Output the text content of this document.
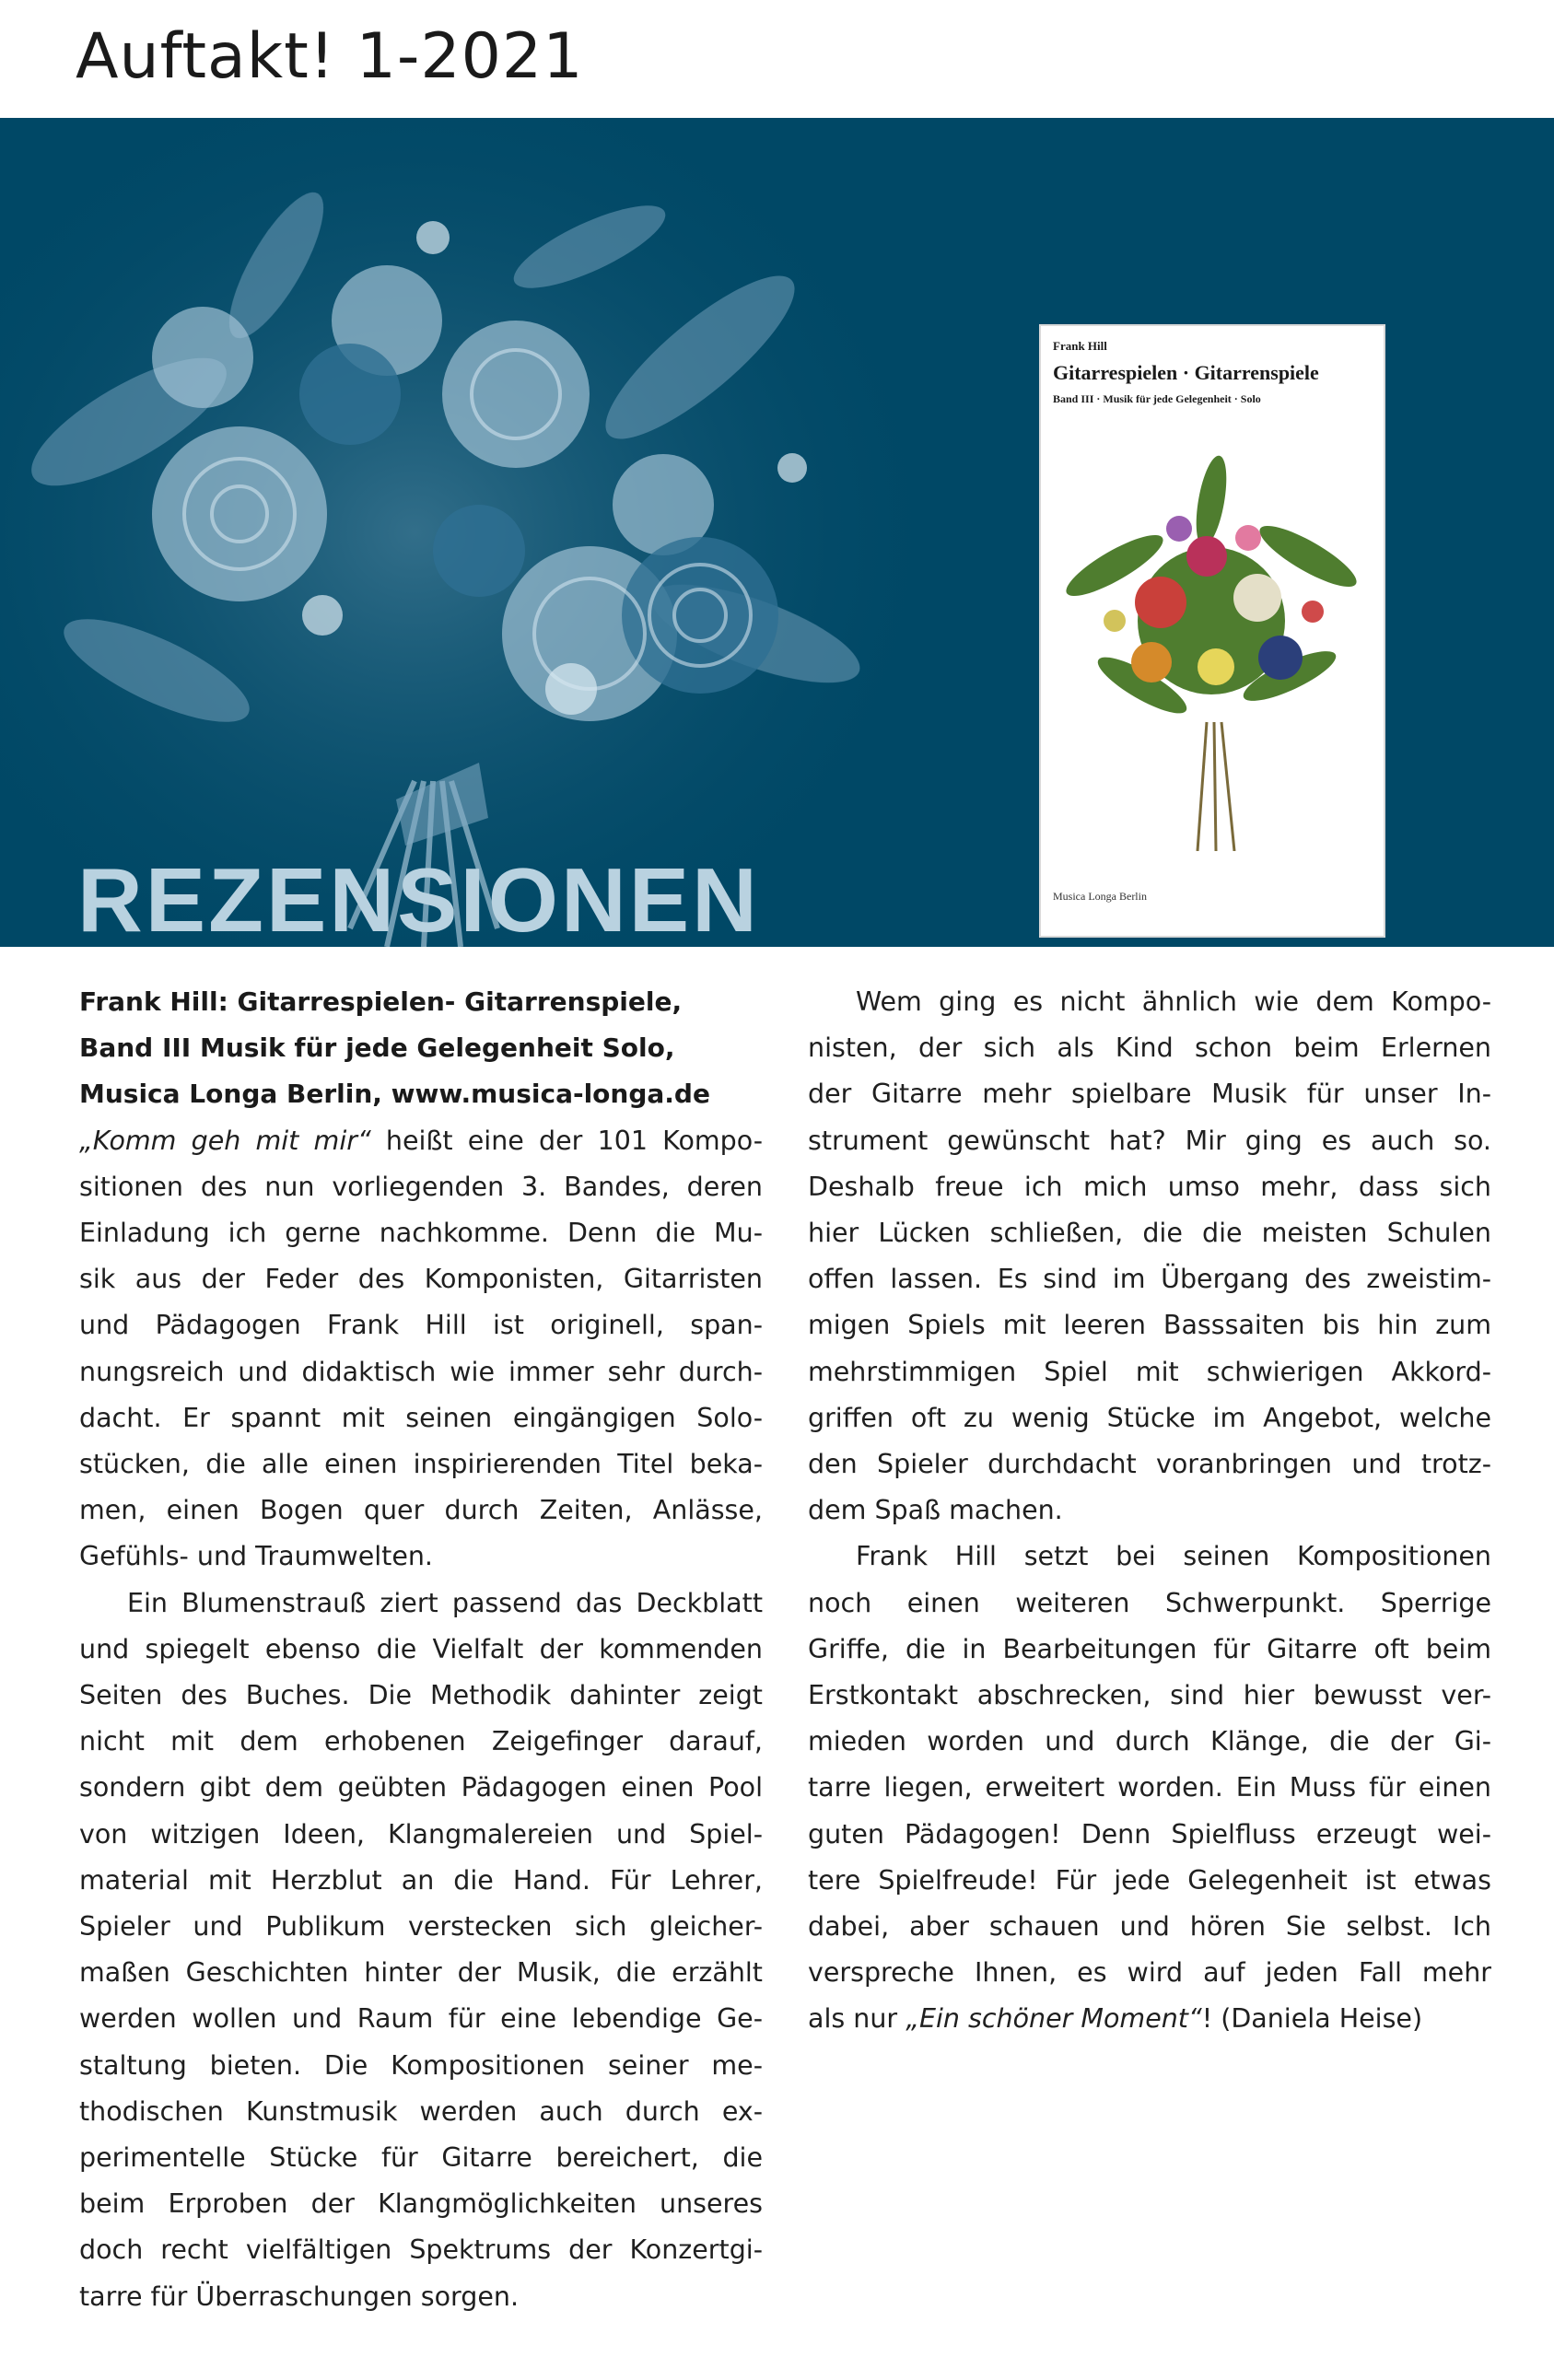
Auftakt! 1-2021
REZENSIONEN
Frank Hill
Gitarrespielen · Gitarrenspiele
Band III · Musik für jede Gelegenheit · Solo
Musica Longa Berlin
Frank Hill: Gitarrespielen- Gitarrenspiele,
Band III Musik für jede Gelegenheit Solo,
Musica Longa Berlin, www.musica-longa.de
„Komm geh mit mir“ heißt eine der 101 Kompo-
sitionen des nun vorliegenden 3. Bandes, deren
Einladung ich gerne nachkomme. Denn die Mu-
sik aus der Feder des Komponisten, Gitarristen
und Pädagogen Frank Hill ist originell, span-
nungsreich und didaktisch wie immer sehr durch-
dacht. Er spannt mit seinen eingängigen Solo-
stücken, die alle einen inspirierenden Titel beka-
men, einen Bogen quer durch Zeiten, Anlässe,
Gefühls- und Traumwelten.
Ein Blumenstrauß ziert passend das Deckblatt
und spiegelt ebenso die Vielfalt der kommenden
Seiten des Buches. Die Methodik dahinter zeigt
nicht mit dem erhobenen Zeigefinger darauf,
sondern gibt dem geübten Pädagogen einen Pool
von witzigen Ideen, Klangmalereien und Spiel-
material mit Herzblut an die Hand. Für Lehrer,
Spieler und Publikum verstecken sich gleicher-
maßen Geschichten hinter der Musik, die erzählt
werden wollen und Raum für eine lebendige Ge-
staltung bieten. Die Kompositionen seiner me-
thodischen Kunstmusik werden auch durch ex-
perimentelle Stücke für Gitarre bereichert, die
beim Erproben der Klangmöglichkeiten unseres
doch recht vielfältigen Spektrums der Konzertgi-
tarre für Überraschungen sorgen.
Wem ging es nicht ähnlich wie dem Kompo-
nisten, der sich als Kind schon beim Erlernen
der Gitarre mehr spielbare Musik für unser In-
strument gewünscht hat? Mir ging es auch so.
Deshalb freue ich mich umso mehr, dass sich
hier Lücken schließen, die die meisten Schulen
offen lassen. Es sind im Übergang des zweistim-
migen Spiels mit leeren Basssaiten bis hin zum
mehrstimmigen Spiel mit schwierigen Akkord-
griffen oft zu wenig Stücke im Angebot, welche
den Spieler durchdacht voranbringen und trotz-
dem Spaß machen.
Frank Hill setzt bei seinen Kompositionen
noch einen weiteren Schwerpunkt. Sperrige
Griffe, die in Bearbeitungen für Gitarre oft beim
Erstkontakt abschrecken, sind hier bewusst ver-
mieden worden und durch Klänge, die der Gi-
tarre liegen, erweitert worden. Ein Muss für einen
guten Pädagogen! Denn Spielfluss erzeugt wei-
tere Spielfreude! Für jede Gelegenheit ist etwas
dabei, aber schauen und hören Sie selbst. Ich
verspreche Ihnen, es wird auf jeden Fall mehr
als nur „Ein schöner Moment“! (Daniela Heise)
